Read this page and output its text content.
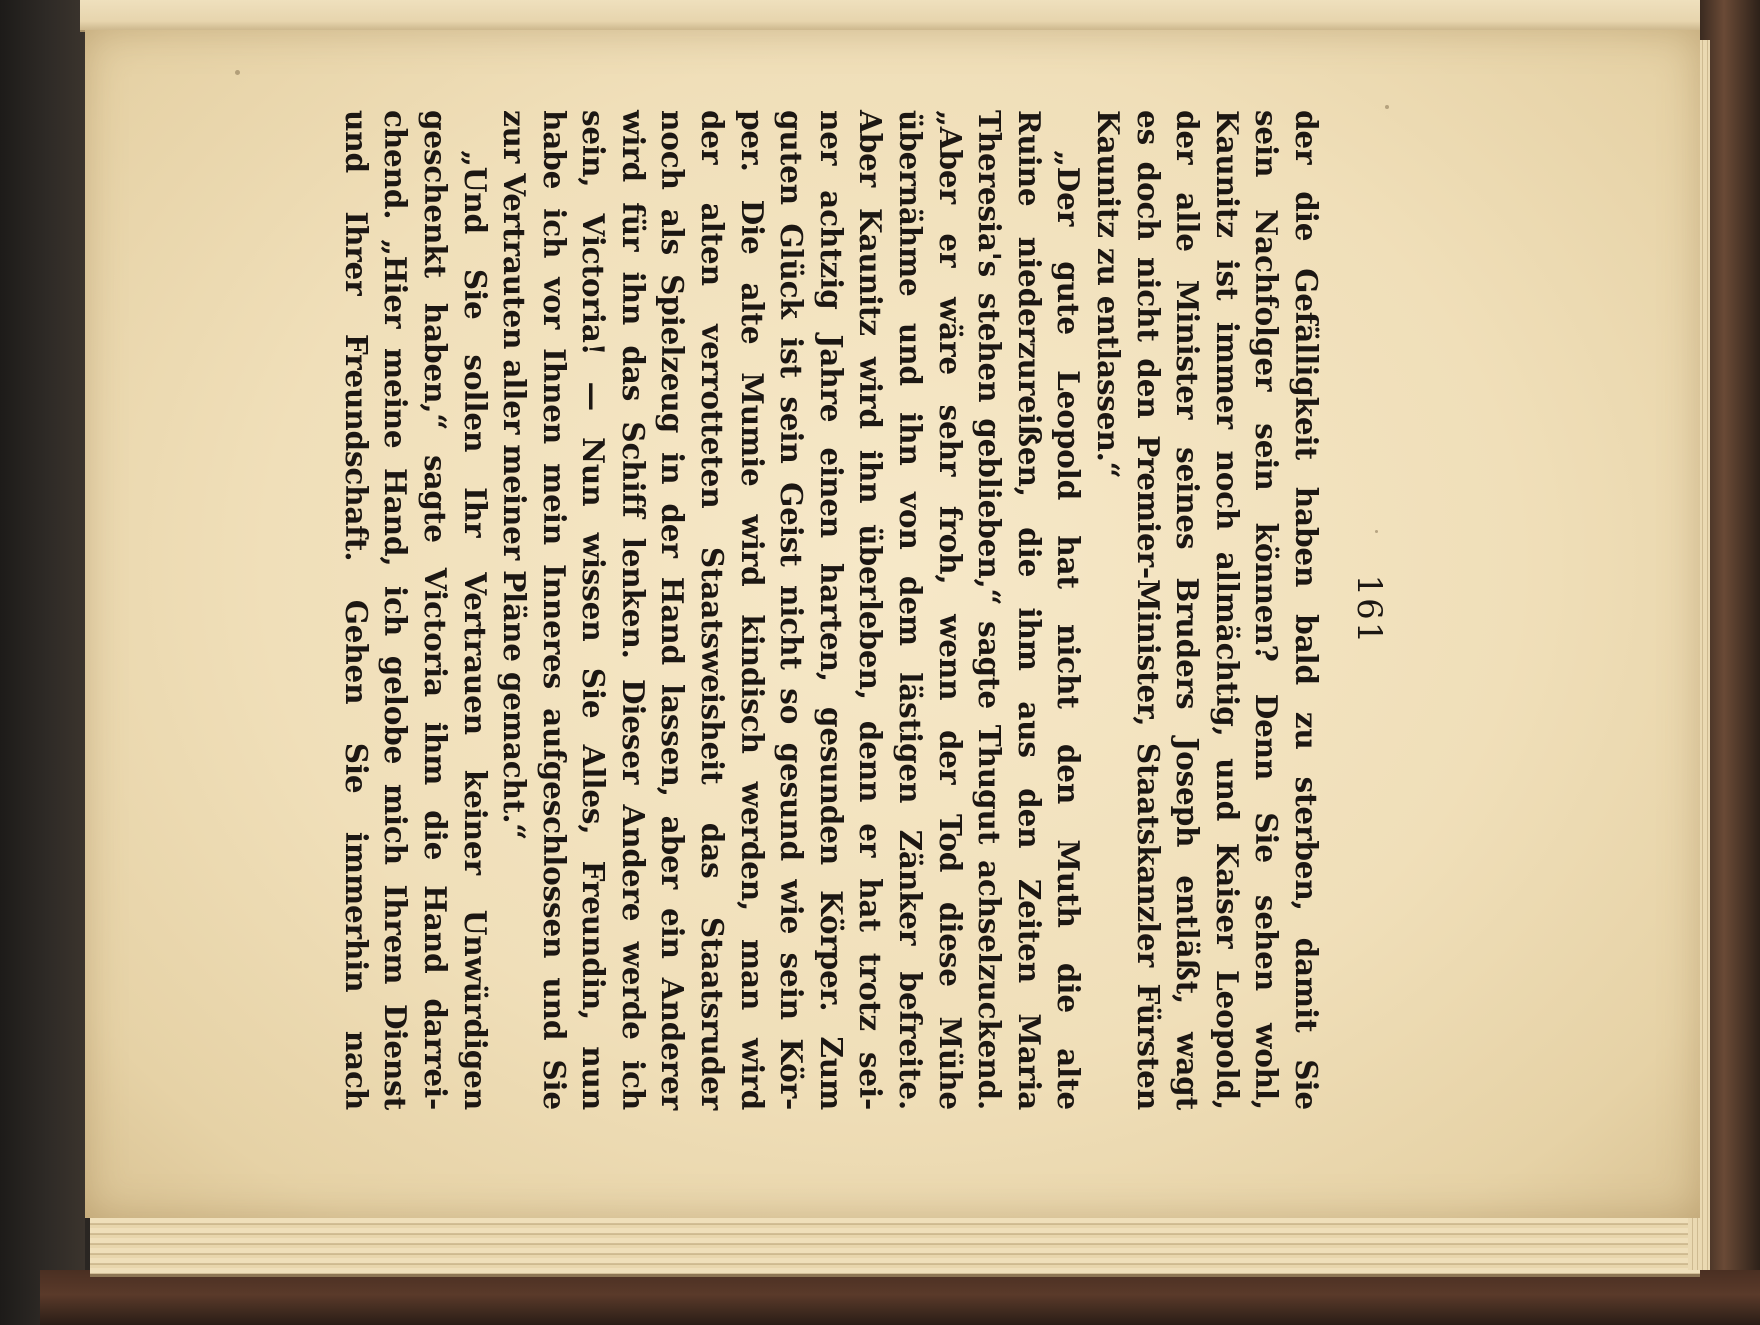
161
der die Gefälligkeit haben bald zu sterben, damit Sie
sein Nachfolger sein können? Denn Sie sehen wohl,
Kaunitz ist immer noch allmächtig, und Kaiser Leopold,
der alle Minister seines Bruders Joseph entläßt, wagt
es doch nicht den Premier-Minister, Staatskanzler Fürsten
Kaunitz zu entlassen.“
„Der gute Leopold hat nicht den Muth die alte
Ruine niederzureißen, die ihm aus den Zeiten Maria
Theresia's stehen geblieben,“ sagte Thugut achselzuckend.
„Aber er wäre sehr froh, wenn der Tod diese Mühe
übernähme und ihn von dem lästigen Zänker befreite.
Aber Kaunitz wird ihn überleben, denn er hat trotz sei-
ner achtzig Jahre einen harten, gesunden Körper. Zum
guten Glück ist sein Geist nicht so gesund wie sein Kör-
per. Die alte Mumie wird kindisch werden, man wird
der alten verrotteten Staatsweisheit das Staatsruder
noch als Spielzeug in der Hand lassen, aber ein Anderer
wird für ihn das Schiff lenken. Dieser Andere werde ich
sein, Victoria! — Nun wissen Sie Alles, Freundin, nun
habe ich vor Ihnen mein Inneres aufgeschlossen und Sie
zur Vertrauten aller meiner Pläne gemacht.“
„Und Sie sollen Ihr Vertrauen keiner Unwürdigen
geschenkt haben,“ sagte Victoria ihm die Hand darrei-
chend. „Hier meine Hand, ich gelobe mich Ihrem Dienst
und Ihrer Freundschaft. Gehen Sie immerhin nach
